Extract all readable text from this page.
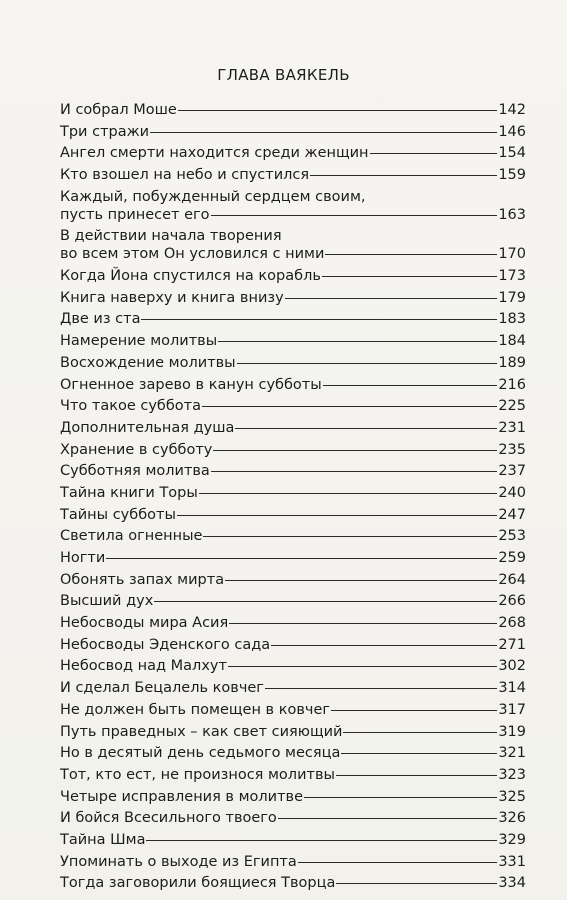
ГЛАВА ВАЯКЕЛЬ
И собрал Моше	142
Три стражи	146
Ангел смерти находится среди женщин	154
Кто взошел на небо и спустился	159
Каждый, побужденный сердцем своим,
пусть принесет его	163
В действии начала творения
во всем этом Он условился с ними	170
Когда Йона спустился на корабль	173
Книга наверху и книга внизу	179
Две из ста	183
Намерение молитвы	184
Восхождение молитвы	189
Огненное зарево в канун субботы	216
Что такое суббота	225
Дополнительная душа	231
Хранение в субботу	235
Субботняя молитва	237
Тайна книги Торы	240
Тайны субботы	247
Светила огненные	253
Ногти	259
Обонять запах мирта	264
Высший дух	266
Небосводы мира Асия	268
Небосводы Эденского сада	271
Небосвод над Малхут	302
И сделал Бецалель ковчег	314
Не должен быть помещен в ковчег	317
Путь праведных – как свет сияющий	319
Но в десятый день седьмого месяца	321
Тот, кто ест, не произнося молитвы	323
Четыре исправления в молитве	325
И бойся Всесильного твоего	326
Тайна Шма	329
Упоминать о выходе из Египта	331
Тогда заговорили боящиеся Творца	334
